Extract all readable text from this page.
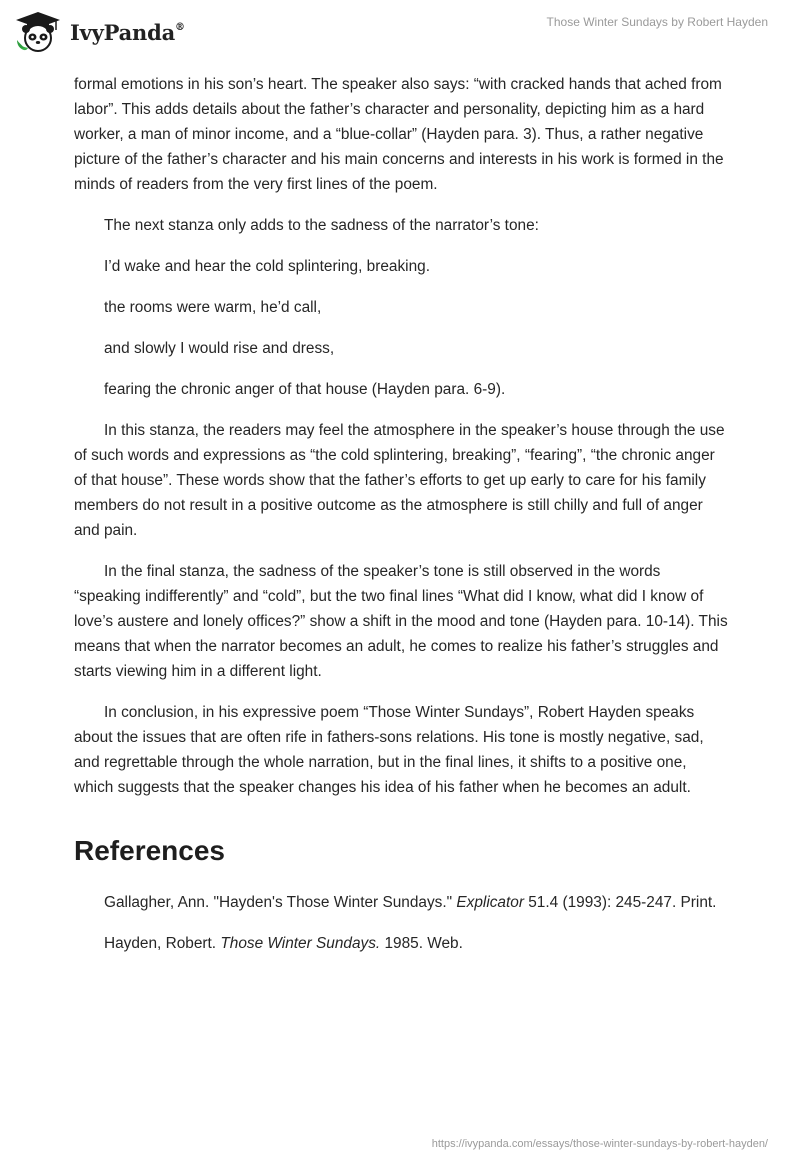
IvyPanda®	Those Winter Sundays by Robert Hayden

formal emotions in his son’s heart. The speaker also says: “with cracked hands that ached from labor”. This adds details about the father’s character and personality, depicting him as a hard worker, a man of minor income, and a “blue-collar” (Hayden para. 3). Thus, a rather negative picture of the father’s character and his main concerns and interests in his work is formed in the minds of readers from the very first lines of the poem.

The next stanza only adds to the sadness of the narrator’s tone:

I’d wake and hear the cold splintering, breaking.

the rooms were warm, he’d call,

and slowly I would rise and dress,

fearing the chronic anger of that house (Hayden para. 6-9).

In this stanza, the readers may feel the atmosphere in the speaker’s house through the use of such words and expressions as “the cold splintering, breaking”, “fearing”, “the chronic anger of that house”. These words show that the father’s efforts to get up early to care for his family members do not result in a positive outcome as the atmosphere is still chilly and full of anger and pain.

In the final stanza, the sadness of the speaker’s tone is still observed in the words “speaking indifferently” and “cold”, but the two final lines “What did I know, what did I know of love’s austere and lonely offices?” show a shift in the mood and tone (Hayden para. 10-14). This means that when the narrator becomes an adult, he comes to realize his father’s struggles and starts viewing him in a different light.

In conclusion, in his expressive poem “Those Winter Sundays”, Robert Hayden speaks about the issues that are often rife in fathers-sons relations. His tone is mostly negative, sad, and regrettable through the whole narration, but in the final lines, it shifts to a positive one, which suggests that the speaker changes his idea of his father when he becomes an adult.

References

Gallagher, Ann. "Hayden's Those Winter Sundays." Explicator 51.4 (1993): 245-247. Print.

Hayden, Robert. Those Winter Sundays. 1985. Web.

https://ivypanda.com/essays/those-winter-sundays-by-robert-hayden/
